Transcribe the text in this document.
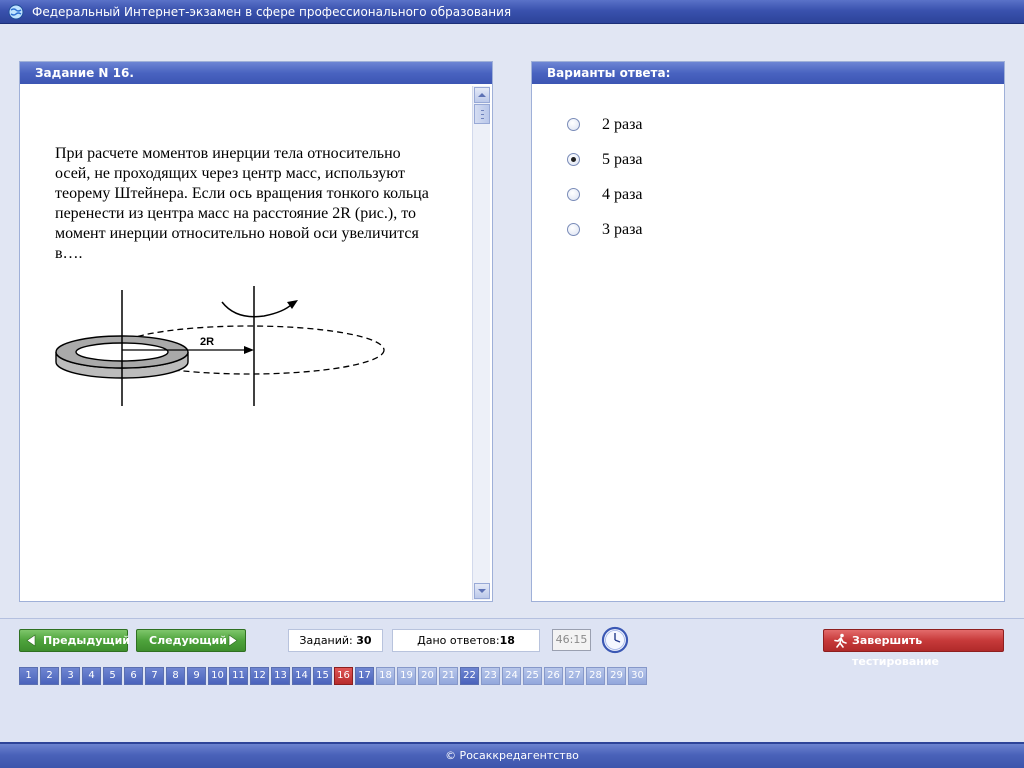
Федеральный Интернет-экзамен в сфере профессионального образования
Задание N 16.
При расчете моментов инерции тела относительно осей, не проходящих через центр масс, используют теорему Штейнера. Если ось вращения тонкого кольца перенести из центра масс на расстояние 2R (рис.), то момент инерции относительно новой оси увеличится в….
2R
Варианты ответа:
2 раза
5 раза
4 раза
3 раза
Предыдущий	Следующий	Заданий: 30	Дано ответов:18	46:15	Завершить тестирование
1	2	3	4	5	6	7	8	9	10 11 12 13 14 15 16 17 18 19 20 21 22 23 24 25 26 27 28 29 30
© Росаккредагентство
